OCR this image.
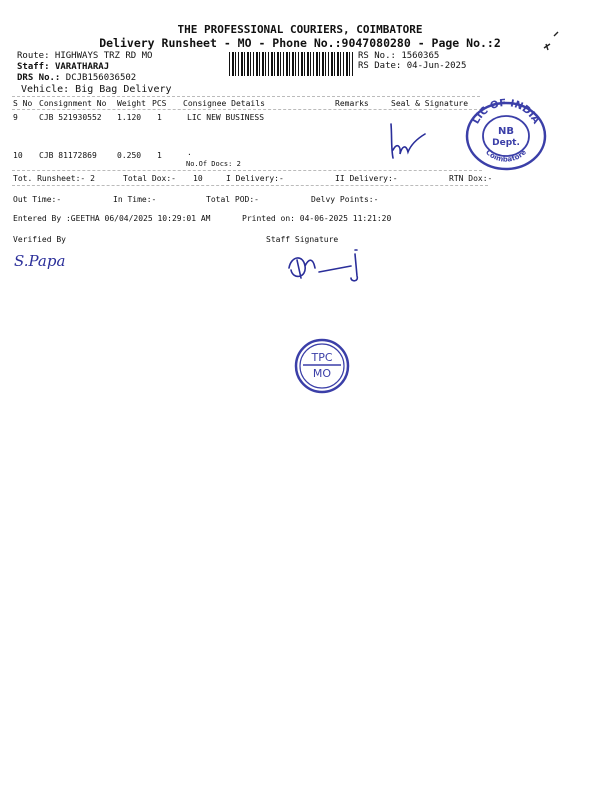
THE PROFESSIONAL COURIERS, COIMBATORE
Delivery Runsheet - MO - Phone No.:9047080280 - Page No.:2
Route: HIGHWAYS TRZ RD MO
Staff: VARATHARAJ
DRS No.: DCJB156036502
Vehicle: Big Bag Delivery
RS No.: 1560365
RS Date: 04-Jun-2025
S No Consignment No Weight PCS Consignee Details	Remarks	Seal & Signature
9	CJB 521930552 1.120 1	LIC NEW BUSINESS
10 CJB 81172869	0.250 1	.
No.Of Docs: 2
LIC OF INDIA
Coimbatore
NB
Dept.
Tot. Runsheet:- 2	Total Dox:- 10	I Delivery:-	II Delivery:-	RTN Dox:-
Out Time:-	In Time:-	Total POD:-	Delvy Points:-
Entered By :GEETHA 06/04/2025 10:29:01 AM	Printed on: 04-06-2025 11:21:20
Verified By	Staff Signature
S.Papa
TPC
MO
